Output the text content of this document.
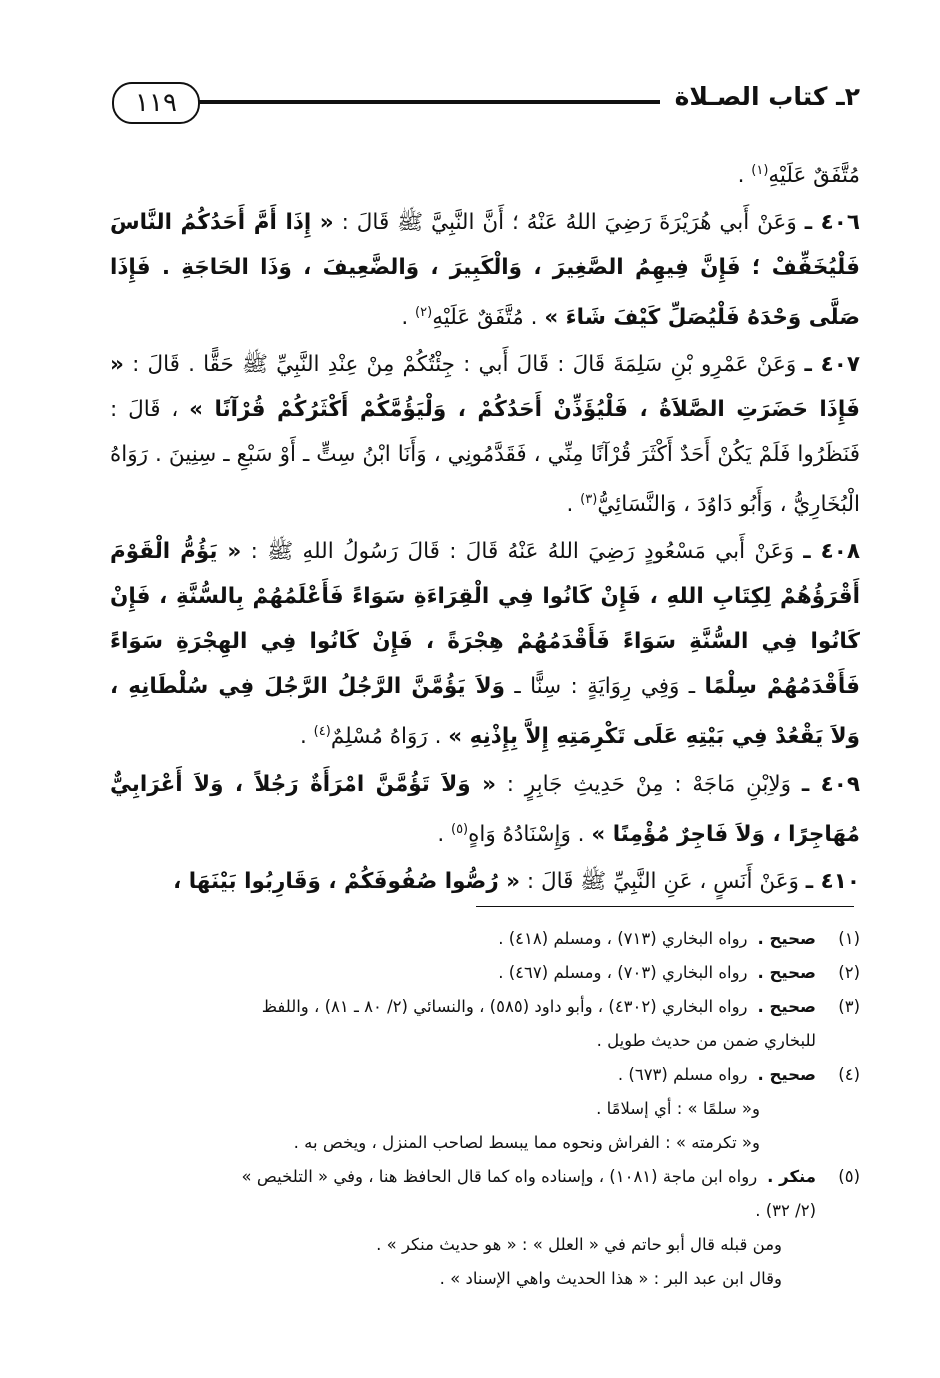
١١٩	٢ـ كتاب الصـلاة

مُتَّفَقٌ عَلَيْهِ$^{(١)}$ .

٤٠٦ ـ وَعَنْ أَبي هُرَيْرَةَ رَضِيَ اللهُ عَنْهُ ؛ أَنَّ النَّبِيَّ ﷺ قَالَ : « إِذَا أَمَّ أَحَدُكُمُ النَّاسَ فَلْيُخَفِّفْ ؛ فَإِنَّ فِيهِمُ الصَّغِيرَ ، وَالْكَبِيرَ ، وَالضَّعِيفَ ، وَذَا الحَاجَةِ . فَإِذَا صَلَّى وَحْدَهُ فَلْيُصَلِّ كَيْفَ شَاءَ » . مُتَّفَقٌ عَلَيْهِ$^{(٢)}$ .

٤٠٧ ـ وَعَنْ عَمْرِو بْنِ سَلِمَةَ قَالَ : قَالَ أَبي : جِئْتُكُمْ مِنْ عِنْدِ النَّبِيِّ ﷺ حَقًّا . قَالَ : « فَإِذَا حَضَرَتِ الصَّلاَةُ ، فَلْيُؤَذِّنْ أَحَدُكُمْ ، وَلْيَؤُمَّكُمْ أَكْثَرُكُمْ قُرْآنًا » ، قَالَ : فَنَظَرُوا فَلَمْ يَكُنْ أَحَدٌ أَكْثَرَ قُرْآنًا مِنِّي ، فَقَدَّمُونِي ، وَأَنَا ابْنُ سِتٍّ ـ أَوْ سَبْعِ ـ سِنِينَ . رَوَاهُ الْبُخَارِيُّ ، وَأَبُو دَاوُدَ ، وَالنَّسَائِيُّ$^{(٣)}$ .

٤٠٨ ـ وَعَنْ أَبي مَسْعُودٍ رَضِيَ اللهُ عَنْهُ قَالَ : قَالَ رَسُولُ اللهِ ﷺ : « يَؤُمُّ الْقَوْمَ أَقْرَؤُهُمْ لِكِتَابِ اللهِ ، فَإِنْ كَانُوا فِي الْقِرَاءَةِ سَوَاءً فَأَعْلَمُهُمْ بِالسُّنَّةِ ، فَإِنْ كَانُوا فِي السُّنَّةِ سَوَاءً فَأَقْدَمُهُمْ هِجْرَةً ، فَإِنْ كَانُوا فِي الهِجْرَةِ سَوَاءً فَأَقْدَمُهُمْ سِلْمًا ـ وَفِي رِوَايَةٍ : سِنًّا ـ وَلاَ يَؤُمَّنَّ الرَّجُلُ الرَّجُلَ فِي سُلْطَانِهِ ، وَلاَ يَقْعُدْ فِي بَيْتِهِ عَلَى تَكْرِمَتِهِ إِلاَّ بِإِذْنِهِ » . رَوَاهُ مُسْلِمٌ$^{(٤)}$ .

٤٠٩ ـ وَلاِبْنِ مَاجَهْ : مِنْ حَدِيثِ جَابِرٍ : « وَلاَ تَؤُمَّنَّ امْرَأَةٌ رَجُلاً ، وَلاَ أَعْرَابِيٌّ مُهَاجِرًا ، وَلاَ فَاجِرٌ مُؤْمِنًا » . وَإِسْنَادُهُ وَاهٍ$^{(٥)}$ .

٤١٠ ـ وَعَنْ أَنَسٍ ، عَنِ النَّبِيِّ ﷺ قَالَ : « رُصُّوا صُفُوفَكُمْ ، وَقَارِبُوا بَيْنَهَا ،

(١)
صحيح .
رواه البخاري (٧١٣) ، ومسلم (٤١٨) .
(٢)
صحيح .
رواه البخاري (٧٠٣) ، ومسلم (٤٦٧) .
(٣)
صحيح .
رواه البخاري (٤٣٠٢) ، وأبو داود (٥٨٥) ، والنسائي (٢/ ٨٠ ـ ٨١) ، واللفظ
للبخاري ضمن من حديث طويل .
(٤)
صحيح .
رواه مسلم (٦٧٣) .
و« سلمًا » : أي إسلامًا .
و« تكرمته » : الفراش ونحوه مما يبسط لصاحب المنزل ، ويخص به .
(٥)
منكر .
رواه ابن ماجة (١٠٨١) ، وإسناده واه كما قال الحافظ هنا ، وفي « التلخيص »
(٢/ ٣٢) .
ومن قبله قال أبو حاتم في « العلل » : « هو حديث منكر » .
وقال ابن عبد البر : « هذا الحديث واهي الإسناد » .
